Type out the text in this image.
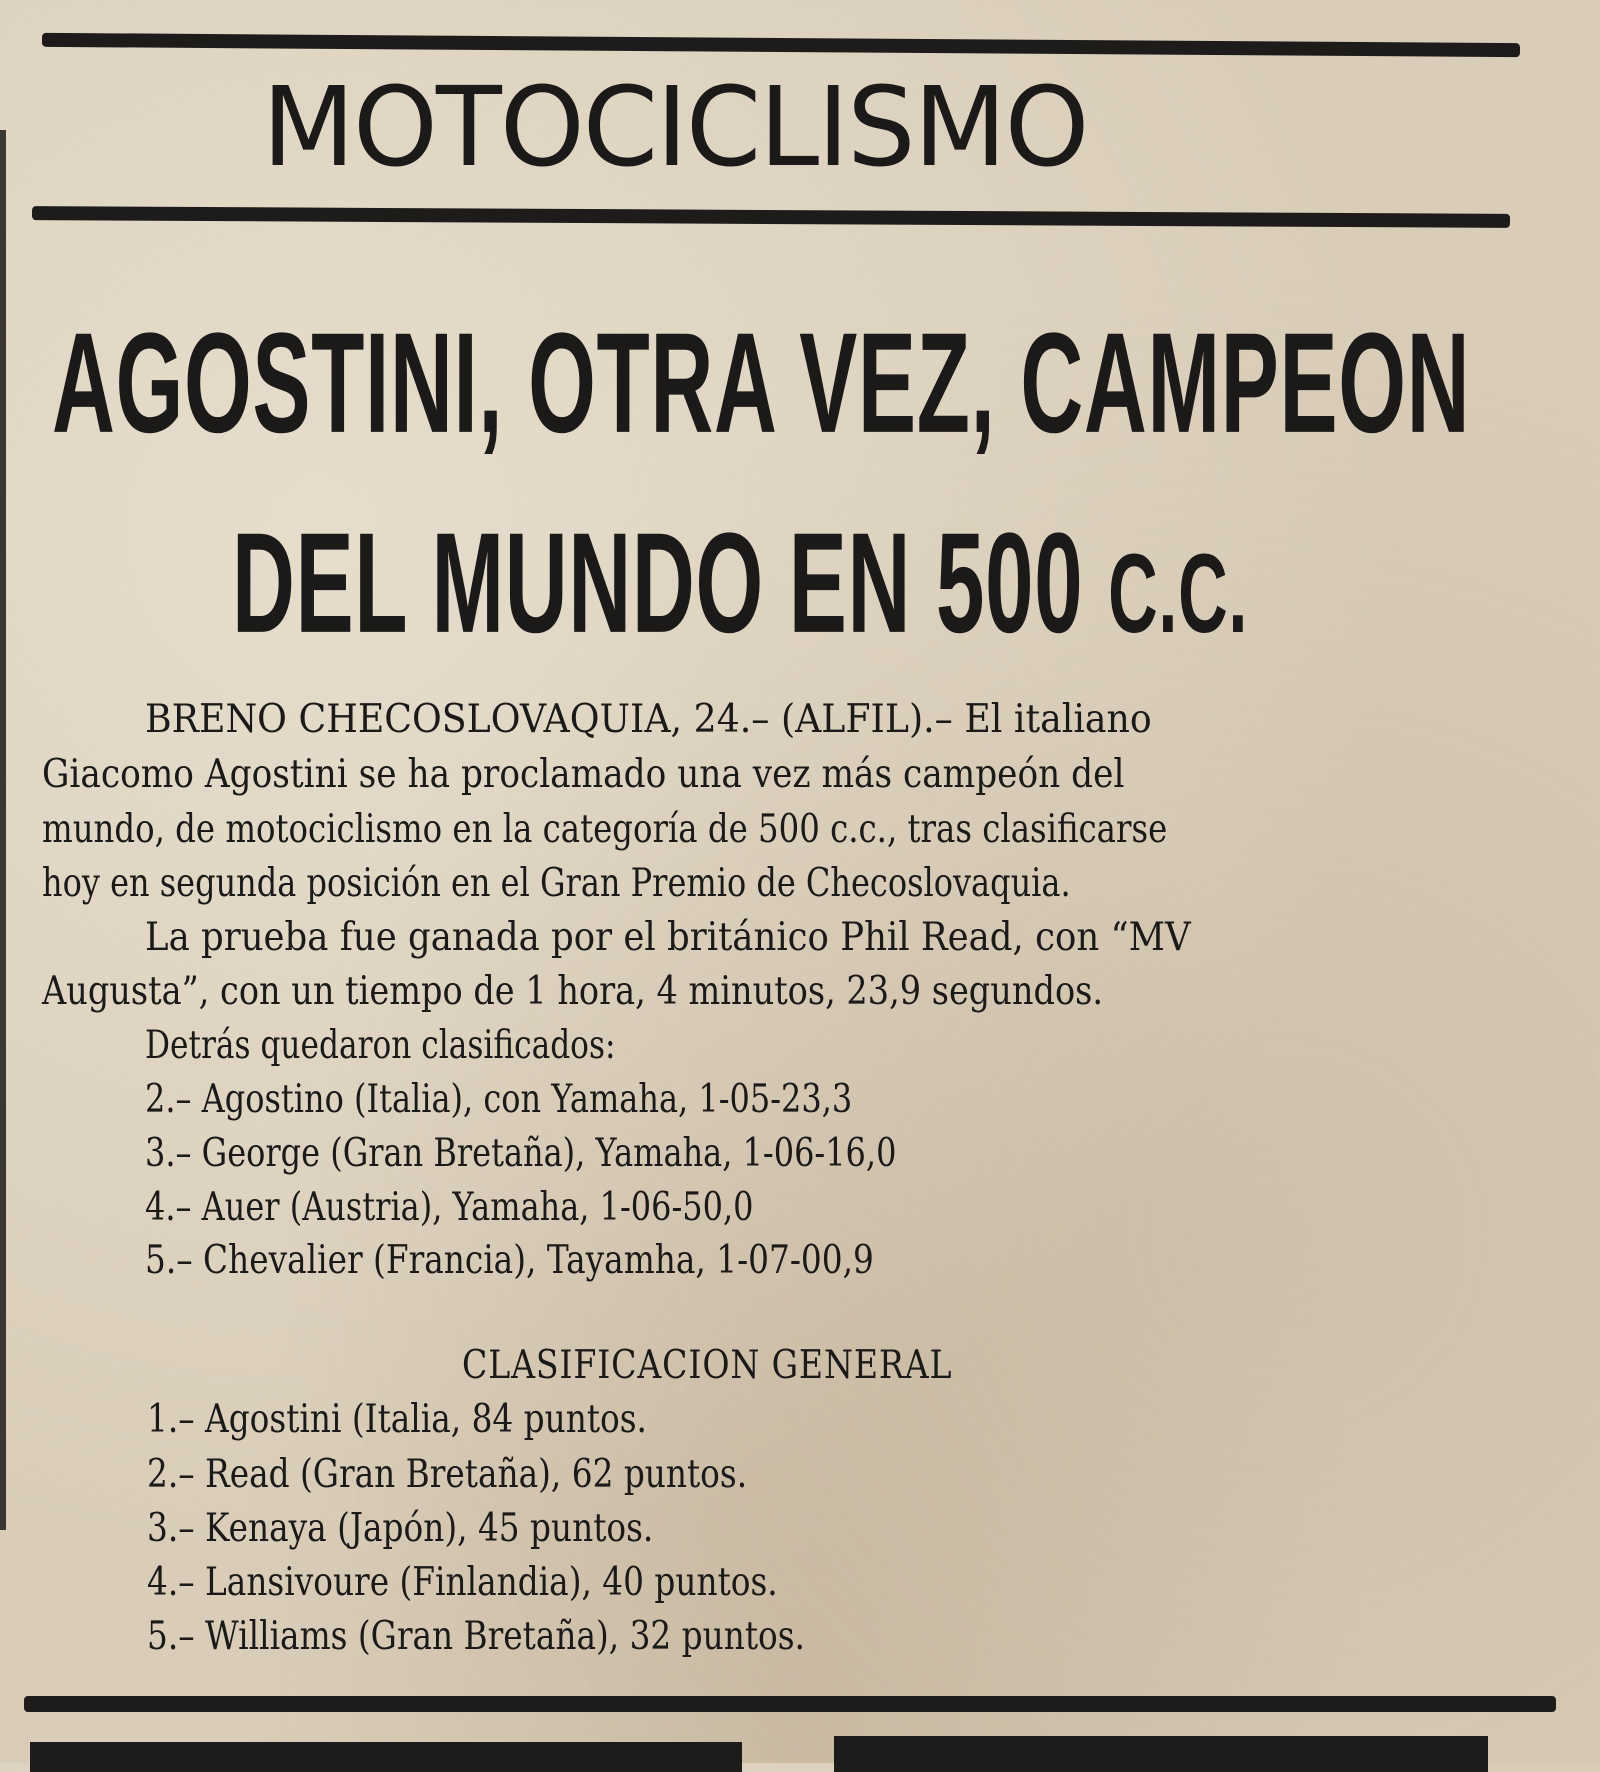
MOTOCICLISMO
AGOSTINI, OTRA VEZ, CAMPEON
DEL MUNDO EN 500 C.C.
BRENO CHECOSLOVAQUIA, 24.– (ALFIL).– El italiano
Giacomo Agostini se ha proclamado una vez más campeón del
mundo, de motociclismo en la categoría de 500 c.c., tras clasificarse
hoy en segunda posición en el Gran Premio de Checoslovaquia.
La prueba fue ganada por el británico Phil Read, con “MV
Augusta”, con un tiempo de 1 hora, 4 minutos, 23,9 segundos.
Detrás quedaron clasificados:
2.– Agostino (Italia), con Yamaha, 1-05-23,3
3.– George (Gran Bretaña), Yamaha, 1-06-16,0
4.– Auer (Austria), Yamaha, 1-06-50,0
5.– Chevalier (Francia), Tayamha, 1-07-00,9
CLASIFICACION GENERAL
1.– Agostini (Italia, 84 puntos.
2.– Read (Gran Bretaña), 62 puntos.
3.– Kenaya (Japón), 45 puntos.
4.– Lansivoure (Finlandia), 40 puntos.
5.– Williams (Gran Bretaña), 32 puntos.
